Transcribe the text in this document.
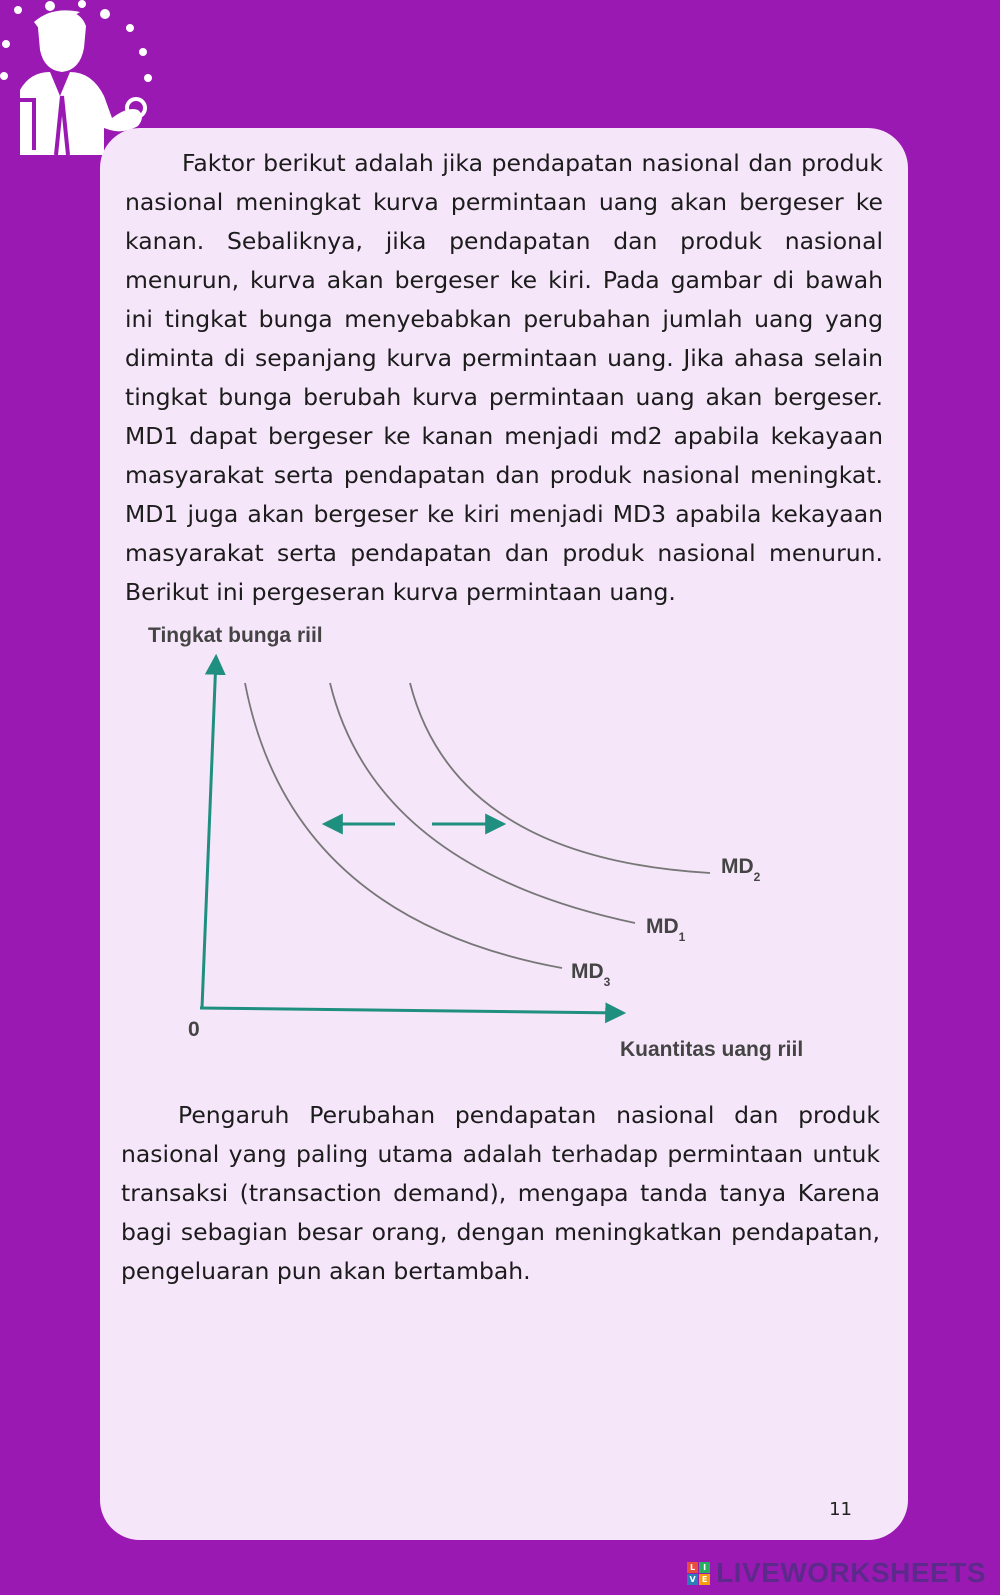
Faktor berikut adalah jika pendapatan nasional dan produk nasional meningkat kurva permintaan uang akan bergeser ke kanan. Sebaliknya, jika pendapatan dan produk nasional menurun, kurva akan bergeser ke kiri. Pada gambar di bawah ini tingkat bunga menyebabkan perubahan jumlah uang yang diminta di sepanjang kurva permintaan uang. Jika ahasa selain tingkat bunga berubah kurva permintaan uang akan bergeser. MD1 dapat bergeser ke kanan menjadi md2 apabila kekayaan masyarakat serta pendapatan dan produk nasional meningkat. MD1 juga akan bergeser ke kiri menjadi MD3 apabila kekayaan masyarakat serta pendapatan dan produk nasional menurun. Berikut ini pergeseran kurva permintaan uang.

Tingkat bunga riil
0
Kuantitas uang riil
$MD_3$
$MD_1$
$MD_2$

Pengaruh Perubahan pendapatan nasional dan produk nasional yang paling utama adalah terhadap permintaan untuk transaksi (transaction demand), mengapa tanda tanya Karena bagi sebagian besar orang, dengan meningkatkan pendapatan, pengeluaran pun akan bertambah.

11
L I
V E LIVEWORKSHEETS
